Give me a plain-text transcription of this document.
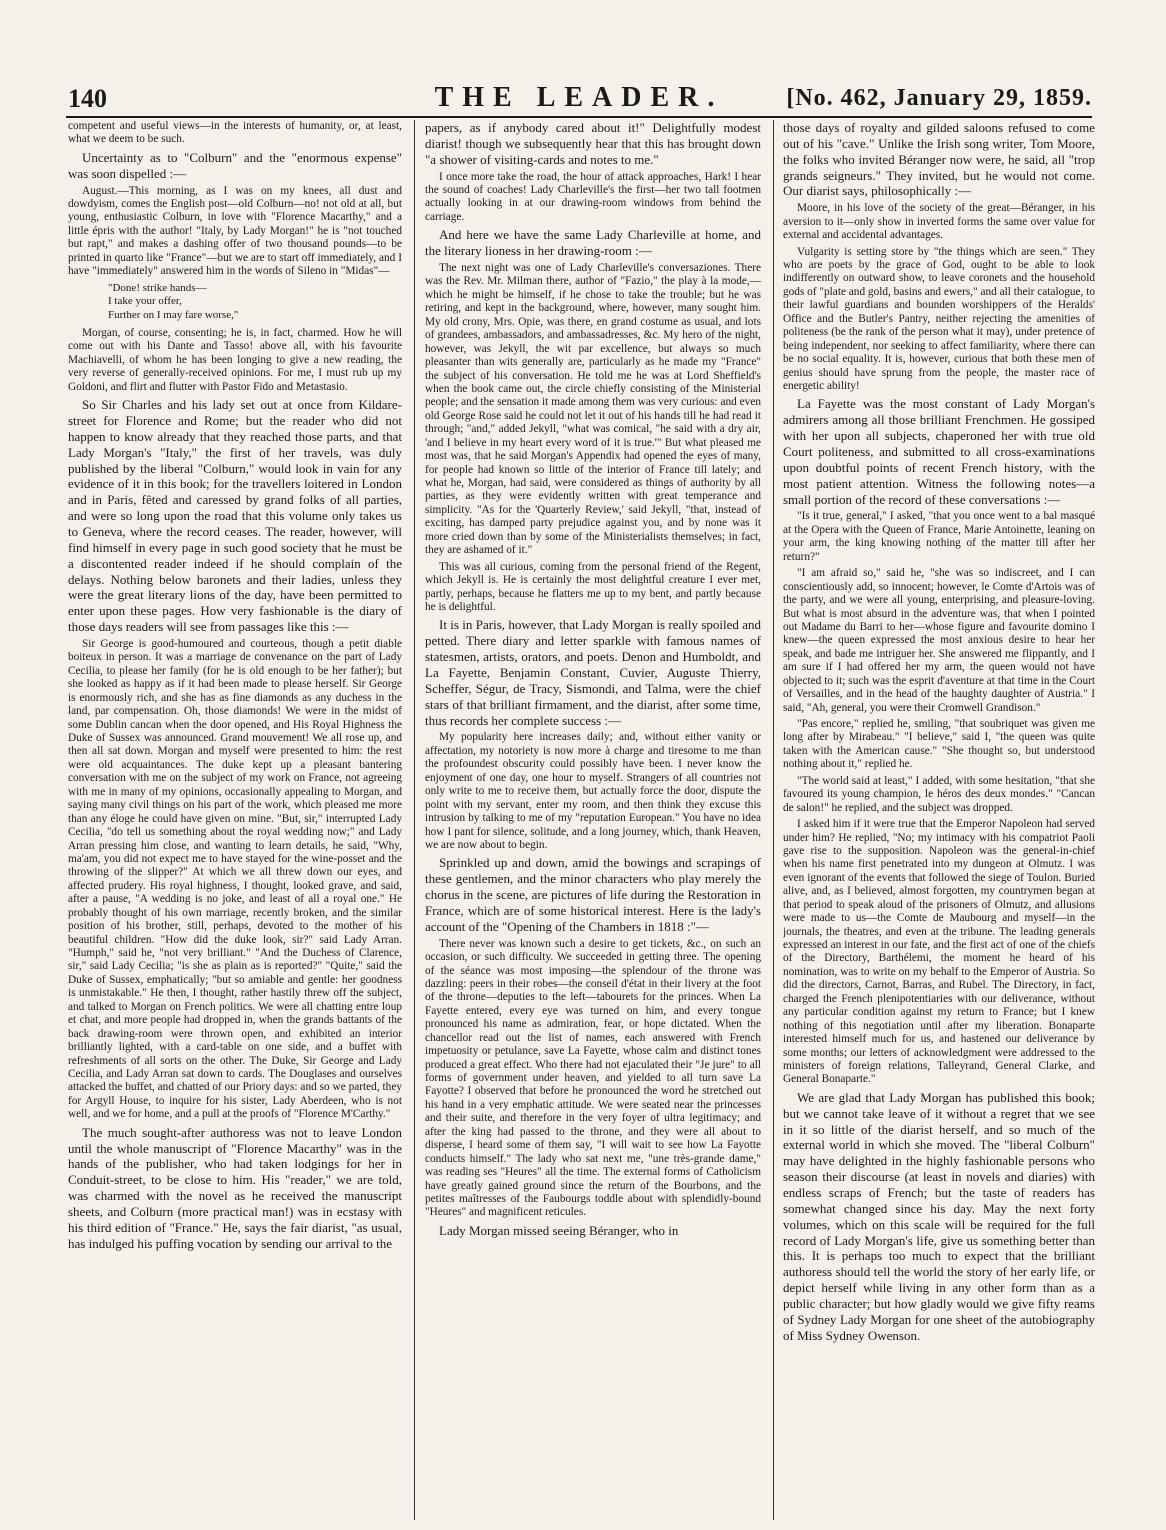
140	THE LEADER.	[No. 462, January 29, 1859.

competent and useful views—in the interests of humanity, or, at least, what we deem to be such.

Uncertainty as to "Colburn" and the "enormous expense" was soon dispelled :—

August.—This morning, as I was on my knees, all dust and dowdyism, comes the English post—old Colburn—no! not old at all, but young, enthusiastic Colburn, in love with "Florence Macarthy," and a little épris with the author! "Italy, by Lady Morgan!" he is "not touched but rapt," and makes a dashing offer of two thousand pounds—to be printed in quarto like "France"—but we are to start off immediately, and I have "immediately" answered him in the words of Sileno in "Midas"—

"Done! strike hands—
I take your offer,
Further on I may fare worse,"

Morgan, of course, consenting; he is, in fact, charmed. How he will come out with his Dante and Tasso! above all, with his favourite Machiavelli, of whom he has been longing to give a new reading, the very reverse of generally-received opinions. For me, I must rub up my Goldoni, and flirt and flutter with Pastor Fido and Metastasio.

So Sir Charles and his lady set out at once from Kildare-street for Florence and Rome; but the reader who did not happen to know already that they reached those parts, and that Lady Morgan's "Italy," the first of her travels, was duly published by the liberal "Colburn," would look in vain for any evidence of it in this book; for the travellers loitered in London and in Paris, fêted and caressed by grand folks of all parties, and were so long upon the road that this volume only takes us to Geneva, where the record ceases. The reader, however, will find himself in every page in such good society that he must be a discontented reader indeed if he should complain of the delays. Nothing below baronets and their ladies, unless they were the great literary lions of the day, have been permitted to enter upon these pages. How very fashionable is the diary of those days readers will see from passages like this :—

Sir George is good-humoured and courteous, though a petit diable boiteux in person. It was a marriage de convenance on the part of Lady Cecilia, to please her family (for he is old enough to be her father); but she looked as happy as if it had been made to please herself. Sir George is enormously rich, and she has as fine diamonds as any duchess in the land, par compensation. Oh, those diamonds! We were in the midst of some Dublin cancan when the door opened, and His Royal Highness the Duke of Sussex was announced. Grand mouvement! We all rose up, and then all sat down. Morgan and myself were presented to him: the rest were old acquaintances. The duke kept up a pleasant bantering conversation with me on the subject of my work on France, not agreeing with me in many of my opinions, occasionally appealing to Morgan, and saying many civil things on his part of the work, which pleased me more than any éloge he could have given on mine. "But, sir," interrupted Lady Cecilia, "do tell us something about the royal wedding now;" and Lady Arran pressing him close, and wanting to learn details, he said, "Why, ma'am, you did not expect me to have stayed for the wine-posset and the throwing of the slipper?" At which we all threw down our eyes, and affected prudery. His royal highness, I thought, looked grave, and said, after a pause, "A wedding is no joke, and least of all a royal one." He probably thought of his own marriage, recently broken, and the similar position of his brother, still, perhaps, devoted to the mother of his beautiful children. "How did the duke look, sir?" said Lady Arran. "Humph," said he, "not very brilliant." "And the Duchess of Clarence, sir," said Lady Cecilia; "is she as plain as is reported?" "Quite," said the Duke of Sussex, emphatically; "but so amiable and gentle: her goodness is unmistakable." He then, I thought, rather hastily threw off the subject, and talked to Morgan on French politics. We were all chatting entre loup et chat, and more people had dropped in, when the grands battants of the back drawing-room were thrown open, and exhibited an interior brilliantly lighted, with a card-table on one side, and a buffet with refreshments of all sorts on the other. The Duke, Sir George and Lady Cecilia, and Lady Arran sat down to cards. The Douglases and ourselves attacked the buffet, and chatted of our Priory days: and so we parted, they for Argyll House, to inquire for his sister, Lady Aberdeen, who is not well, and we for home, and a pull at the proofs of "Florence M'Carthy."

The much sought-after authoress was not to leave London until the whole manuscript of "Florence Macarthy" was in the hands of the publisher, who had taken lodgings for her in Conduit-street, to be close to him. His "reader," we are told, was charmed with the novel as he received the manuscript sheets, and Colburn (more practical man!) was in ecstasy with his third edition of "France." He, says the fair diarist, "as usual, has indulged his puffing vocation by sending our arrival to the

papers, as if anybody cared about it!" Delightfully modest diarist! though we subsequently hear that this has brought down "a shower of visiting-cards and notes to me."

I once more take the road, the hour of attack approaches, Hark! I hear the sound of coaches! Lady Charleville's the first—her two tall footmen actually looking in at our drawing-room windows from behind the carriage.

And here we have the same Lady Charleville at home, and the literary lioness in her drawing-room :—

The next night was one of Lady Charleville's conversaziones. There was the Rev. Mr. Milman there, author of "Fazio," the play à la mode,—which he might be himself, if he chose to take the trouble; but he was retiring, and kept in the background, where, however, many sought him. My old crony, Mrs. Opie, was there, en grand costume as usual, and lots of grandees, ambassadors, and ambassadresses, &c. My hero of the night, however, was Jekyll, the wit par excellence, but always so much pleasanter than wits generally are, particularly as he made my "France" the subject of his conversation. He told me he was at Lord Sheffield's when the book came out, the circle chiefly consisting of the Ministerial people; and the sensation it made among them was very curious: and even old George Rose said he could not let it out of his hands till he had read it through; "and," added Jekyll, "what was comical, "he said with a dry air, 'and I believe in my heart every word of it is true.'" But what pleased me most was, that he said Morgan's Appendix had opened the eyes of many, for people had known so little of the interior of France till lately; and what he, Morgan, had said, were considered as things of authority by all parties, as they were evidently written with great temperance and simplicity. "As for the 'Quarterly Review,' said Jekyll, "that, instead of exciting, has damped party prejudice against you, and by none was it more cried down than by some of the Ministerialists themselves; in fact, they are ashamed of it."

This was all curious, coming from the personal friend of the Regent, which Jekyll is. He is certainly the most delightful creature I ever met, partly, perhaps, because he flatters me up to my bent, and partly because he is delightful.

It is in Paris, however, that Lady Morgan is really spoiled and petted. There diary and letter sparkle with famous names of statesmen, artists, orators, and poets. Denon and Humboldt, and La Fayette, Benjamin Constant, Cuvier, Auguste Thierry, Scheffer, Ségur, de Tracy, Sismondi, and Talma, were the chief stars of that brilliant firmament, and the diarist, after some time, thus records her complete success :—

My popularity here increases daily; and, without either vanity or affectation, my notoriety is now more à charge and tiresome to me than the profoundest obscurity could possibly have been. I never know the enjoyment of one day, one hour to myself. Strangers of all countries not only write to me to receive them, but actually force the door, dispute the point with my servant, enter my room, and then think they excuse this intrusion by talking to me of my "reputation European." You have no idea how I pant for silence, solitude, and a long journey, which, thank Heaven, we are now about to begin.

Sprinkled up and down, amid the bowings and scrapings of these gentlemen, and the minor characters who play merely the chorus in the scene, are pictures of life during the Restoration in France, which are of some historical interest. Here is the lady's account of the "Opening of the Chambers in 1818 :"—

There never was known such a desire to get tickets, &c., on such an occasion, or such difficulty. We succeeded in getting three. The opening of the séance was most imposing—the splendour of the throne was dazzling: peers in their robes—the conseil d'état in their livery at the foot of the throne—deputies to the left—tabourets for the princes. When La Fayette entered, every eye was turned on him, and every tongue pronounced his name as admiration, fear, or hope dictated. When the chancellor read out the list of names, each answered with French impetuosity or petulance, save La Fayette, whose calm and distinct tones produced a great effect. Who there had not ejaculated their "Je jure" to all forms of government under heaven, and yielded to all turn save La Fayotte? I observed that before he pronounced the word he stretched out his hand in a very emphatic attitude. We were seated near the princesses and their suite, and therefore in the very foyer of ultra legitimacy; and after the king had passed to the throne, and they were all about to disperse, I heard some of them say, "I will wait to see how La Fayotte conducts himself." The lady who sat next me, "une très-grande dame," was reading ses "Heures" all the time. The external forms of Catholicism have greatly gained ground since the return of the Bourbons, and the petites maîtresses of the Faubourgs toddle about with splendidly-bound "Heures" and magnificent reticules.

Lady Morgan missed seeing Béranger, who in

those days of royalty and gilded saloons refused to come out of his "cave." Unlike the Irish song writer, Tom Moore, the folks who invited Béranger now were, he said, all "trop grands seigneurs." They invited, but he would not come. Our diarist says, philosophically :—

Moore, in his love of the society of the great—Béranger, in his aversion to it—only show in inverted forms the same over value for external and accidental advantages.

Vulgarity is setting store by "the things which are seen." They who are poets by the grace of God, ought to be able to look indifferently on outward show, to leave coronets and the household gods of "plate and gold, basins and ewers," and all their catalogue, to their lawful guardians and bounden worshippers of the Heralds' Office and the Butler's Pantry, neither rejecting the amenities of politeness (be the rank of the person what it may), under pretence of being independent, nor seeking to affect familiarity, where there can be no social equality. It is, however, curious that both these men of genius should have sprung from the people, the master race of energetic ability!

La Fayette was the most constant of Lady Morgan's admirers among all those brilliant Frenchmen. He gossiped with her upon all subjects, chaperoned her with true old Court politeness, and submitted to all cross-examinations upon doubtful points of recent French history, with the most patient attention. Witness the following notes—a small portion of the record of these conversations :—

"Is it true, general," I asked, "that you once went to a bal masqué at the Opera with the Queen of France, Marie Antoinette, leaning on your arm, the king knowing nothing of the matter till after her return?"

"I am afraid so," said he, "she was so indiscreet, and I can conscientiously add, so innocent; however, le Comte d'Artois was of the party, and we were all young, enterprising, and pleasure-loving. But what is most absurd in the adventure was, that when I pointed out Madame du Barri to her—whose figure and favourite domino I knew—the queen expressed the most anxious desire to hear her speak, and bade me intriguer her. She answered me flippantly, and I am sure if I had offered her my arm, the queen would not have objected to it; such was the esprit d'aventure at that time in the Court of Versailles, and in the head of the haughty daughter of Austria." I said, "Ah, general, you were their Cromwell Grandison."

"Pas encore," replied he, smiling, "that soubriquet was given me long after by Mirabeau." "I believe," said I, "the queen was quite taken with the American cause." "She thought so, but understood nothing about it," replied he.

"The world said at least," I added, with some hesitation, "that she favoured its young champion, le héros des deux mondes." "Cancan de salon!" he replied, and the subject was dropped.

I asked him if it were true that the Emperor Napoleon had served under him? He replied, "No; my intimacy with his compatriot Paoli gave rise to the supposition. Napoleon was the general-in-chief when his name first penetrated into my dungeon at Olmutz. I was even ignorant of the events that followed the siege of Toulon. Buried alive, and, as I believed, almost forgotten, my countrymen began at that period to speak aloud of the prisoners of Olmutz, and allusions were made to us—the Comte de Maubourg and myself—in the journals, the theatres, and even at the tribune. The leading generals expressed an interest in our fate, and the first act of one of the chiefs of the Directory, Barthélemi, the moment he heard of his nomination, was to write on my behalf to the Emperor of Austria. So did the directors, Carnot, Barras, and Rubel. The Directory, in fact, charged the French plenipotentiaries with our deliverance, without any particular condition against my return to France; but I knew nothing of this negotiation until after my liberation. Bonaparte interested himself much for us, and hastened our deliverance by some months; our letters of acknowledgment were addressed to the ministers of foreign relations, Talleyrand, General Clarke, and General Bonaparte."

We are glad that Lady Morgan has published this book; but we cannot take leave of it without a regret that we see in it so little of the diarist herself, and so much of the external world in which she moved. The "liberal Colburn" may have delighted in the highly fashionable persons who season their discourse (at least in novels and diaries) with endless scraps of French; but the taste of readers has somewhat changed since his day. May the next forty volumes, which on this scale will be required for the full record of Lady Morgan's life, give us something better than this. It is perhaps too much to expect that the brilliant authoress should tell the world the story of her early life, or depict herself while living in any other form than as a public character; but how gladly would we give fifty reams of Sydney Lady Morgan for one sheet of the autobiography of Miss Sydney Owenson.
